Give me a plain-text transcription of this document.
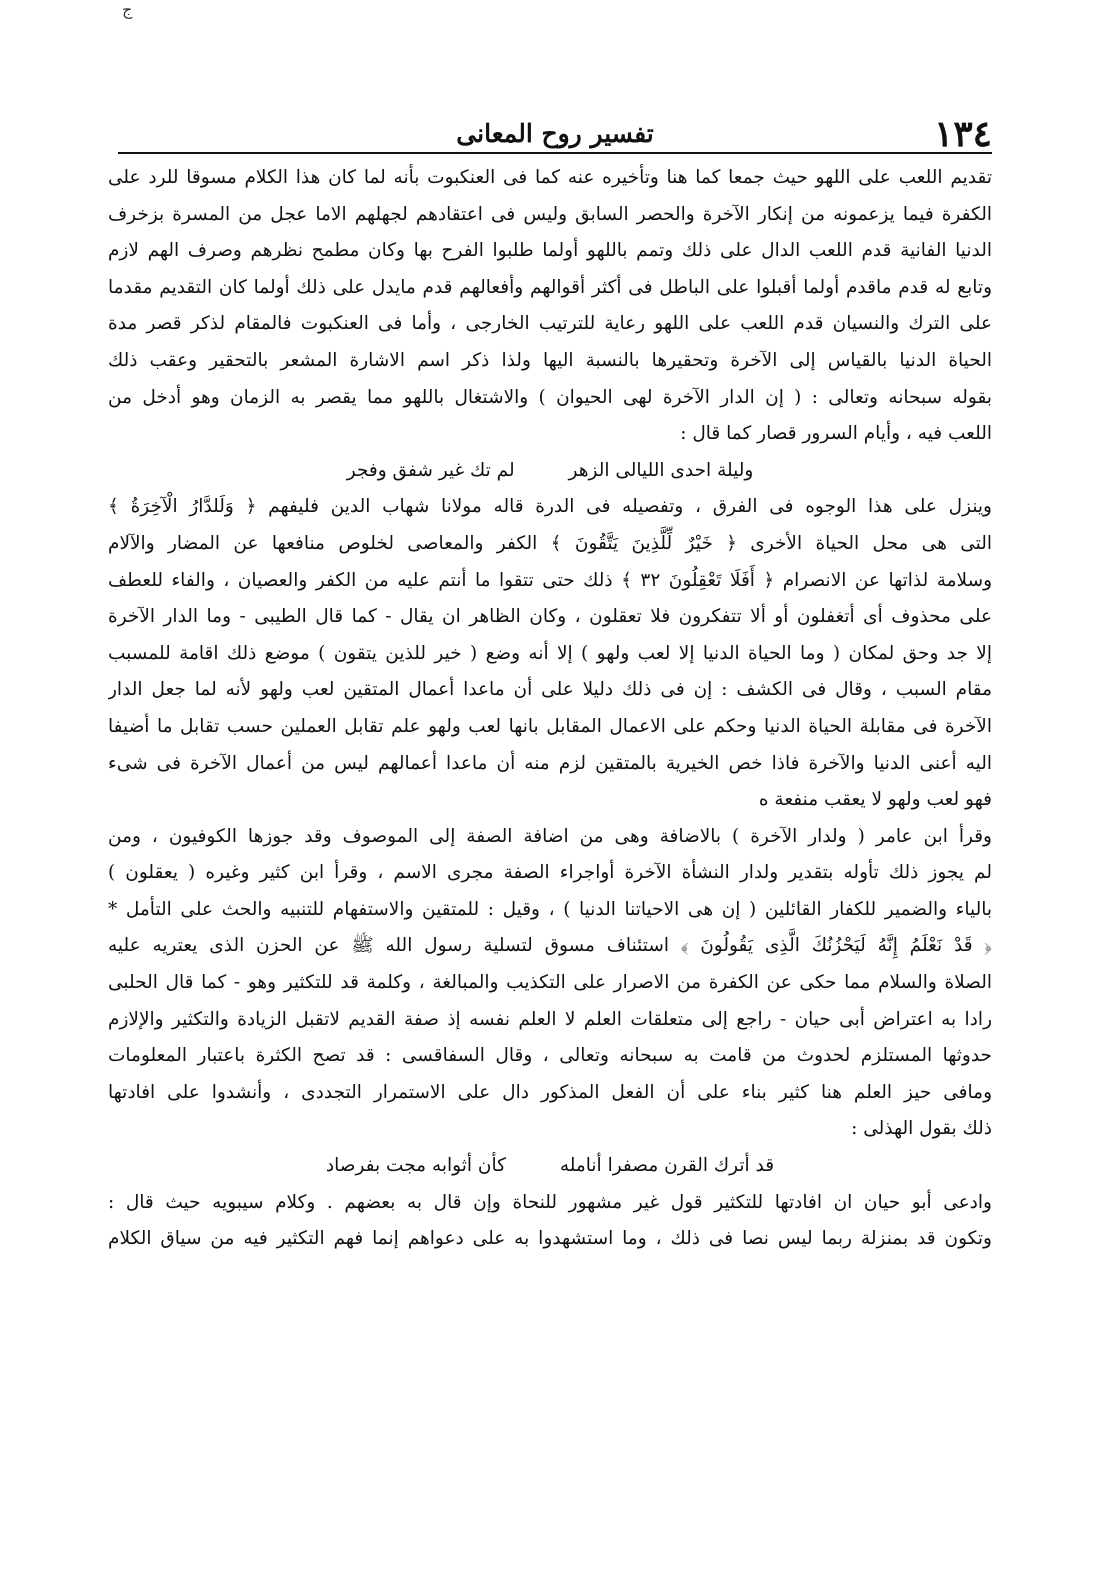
ج
١٣٤
تفسير روح المعانى

تقديم اللعب على اللهو حيث جمعا كما هنا وتأخيره عنه كما فى العنكبوت بأنه لما كان هذا الكلام مسوقا للرد على
الكفرة فيما يزعمونه من إنكار الآخرة والحصر السابق وليس فى اعتقادهم لجهلهم الاما عجل من المسرة بزخرف
الدنيا الفانية قدم اللعب الدال على ذلك وتمم باللهو أولما طلبوا الفرح بها وكان مطمح نظرهم وصرف الهم لازم
وتابع له قدم ماقدم أولما أقبلوا على الباطل فى أكثر أقوالهم وأفعالهم قدم مايدل على ذلك أولما كان التقديم مقدما
على الترك والنسيان قدم اللعب على اللهو رعاية للترتيب الخارجى ، وأما فى العنكبوت فالمقام لذكر قصر مدة
الحياة الدنيا بالقياس إلى الآخرة وتحقيرها بالنسبة اليها ولذا ذكر اسم الاشارة المشعر بالتحقير وعقب ذلك
بقوله سبحانه وتعالى : ( إن الدار الآخرة لهى الحيوان ) والاشتغال باللهو مما يقصر به الزمان وهو أدخل من
اللعب فيه ، وأيام السرور قصار كما قال :

وليلة احدى الليالى الزهر لم تك غير شفق وفجر

وينزل على هذا الوجوه فى الفرق ، وتفصيله فى الدرة قاله مولانا شهاب الدين فليفهم ﴿ وَلَلدَّارُ الْآخِرَةُ ﴾
التى هى محل الحياة الأخرى ﴿ خَيْرٌ لِّلَّذِينَ يَتَّقُونَ ﴾ الكفر والمعاصى لخلوص منافعها عن المضار والآلام
وسلامة لذاتها عن الانصرام ﴿ أَفَلَا تَعْقِلُونَ ٣٢ ﴾ ذلك حتى تتقوا ما أنتم عليه من الكفر والعصيان ، والفاء للعطف
على محذوف أى أتغفلون أو ألا تتفكرون فلا تعقلون ، وكان الظاهر ان يقال - كما قال الطيبى - وما الدار الآخرة
إلا جد وحق لمكان ( وما الحياة الدنيا إلا لعب ولهو ) إلا أنه وضع ( خير للذين يتقون ) موضع ذلك اقامة للمسبب
مقام السبب ، وقال فى الكشف : إن فى ذلك دليلا على أن ماعدا أعمال المتقين لعب ولهو لأنه لما جعل الدار
الآخرة فى مقابلة الحياة الدنيا وحكم على الاعمال المقابل بانها لعب ولهو علم تقابل العملين حسب تقابل ما أضيفا
اليه أعنى الدنيا والآخرة فاذا خص الخيرية بالمتقين لزم منه أن ماعدا أعمالهم ليس من أعمال الآخرة فى شىء
فهو لعب ولهو لا يعقب منفعة ه

وقرأ ابن عامر ( ولدار الآخرة ) بالاضافة وهى من اضافة الصفة إلى الموصوف وقد جوزها الكوفيون ، ومن
لم يجوز ذلك تأوله بتقدير ولدار النشأة الآخرة أواجراء الصفة مجرى الاسم ، وقرأ ابن كثير وغيره ( يعقلون )
بالياء والضمير للكفار القائلين ( إن هى الاحياتنا الدنيا ) ، وقيل : للمتقين والاستفهام للتنبيه والحث على التأمل *

﴿ قَدْ نَعْلَمُ إِنَّهُ لَيَحْزُنُكَ الَّذِى يَقُولُونَ ﴾ استئناف مسوق لتسلية رسول الله ﷺ عن الحزن الذى يعتريه عليه
الصلاة والسلام مما حكى عن الكفرة من الاصرار على التكذيب والمبالغة ، وكلمة قد للتكثير وهو - كما قال الحلبى
رادا به اعتراض أبى حيان - راجع إلى متعلقات العلم لا العلم نفسه إذ صفة القديم لاتقبل الزيادة والتكثير والإلازم
حدوثها المستلزم لحدوث من قامت به سبحانه وتعالى ، وقال السفاقسى : قد تصح الكثرة باعتبار المعلومات
ومافى حيز العلم هنا كثير بناء على أن الفعل المذكور دال على الاستمرار التجددى ، وأنشدوا على افادتها
ذلك بقول الهذلى :

قد أترك القرن مصفرا أنامله كأن أثوابه مجت بفرصاد

وادعى أبو حيان ان افادتها للتكثير قول غير مشهور للنحاة وإن قال به بعضهم . وكلام سيبويه حيث قال :
وتكون قد بمنزلة ربما ليس نصا فى ذلك ، وما استشهدوا به على دعواهم إنما فهم التكثير فيه من سياق الكلام
